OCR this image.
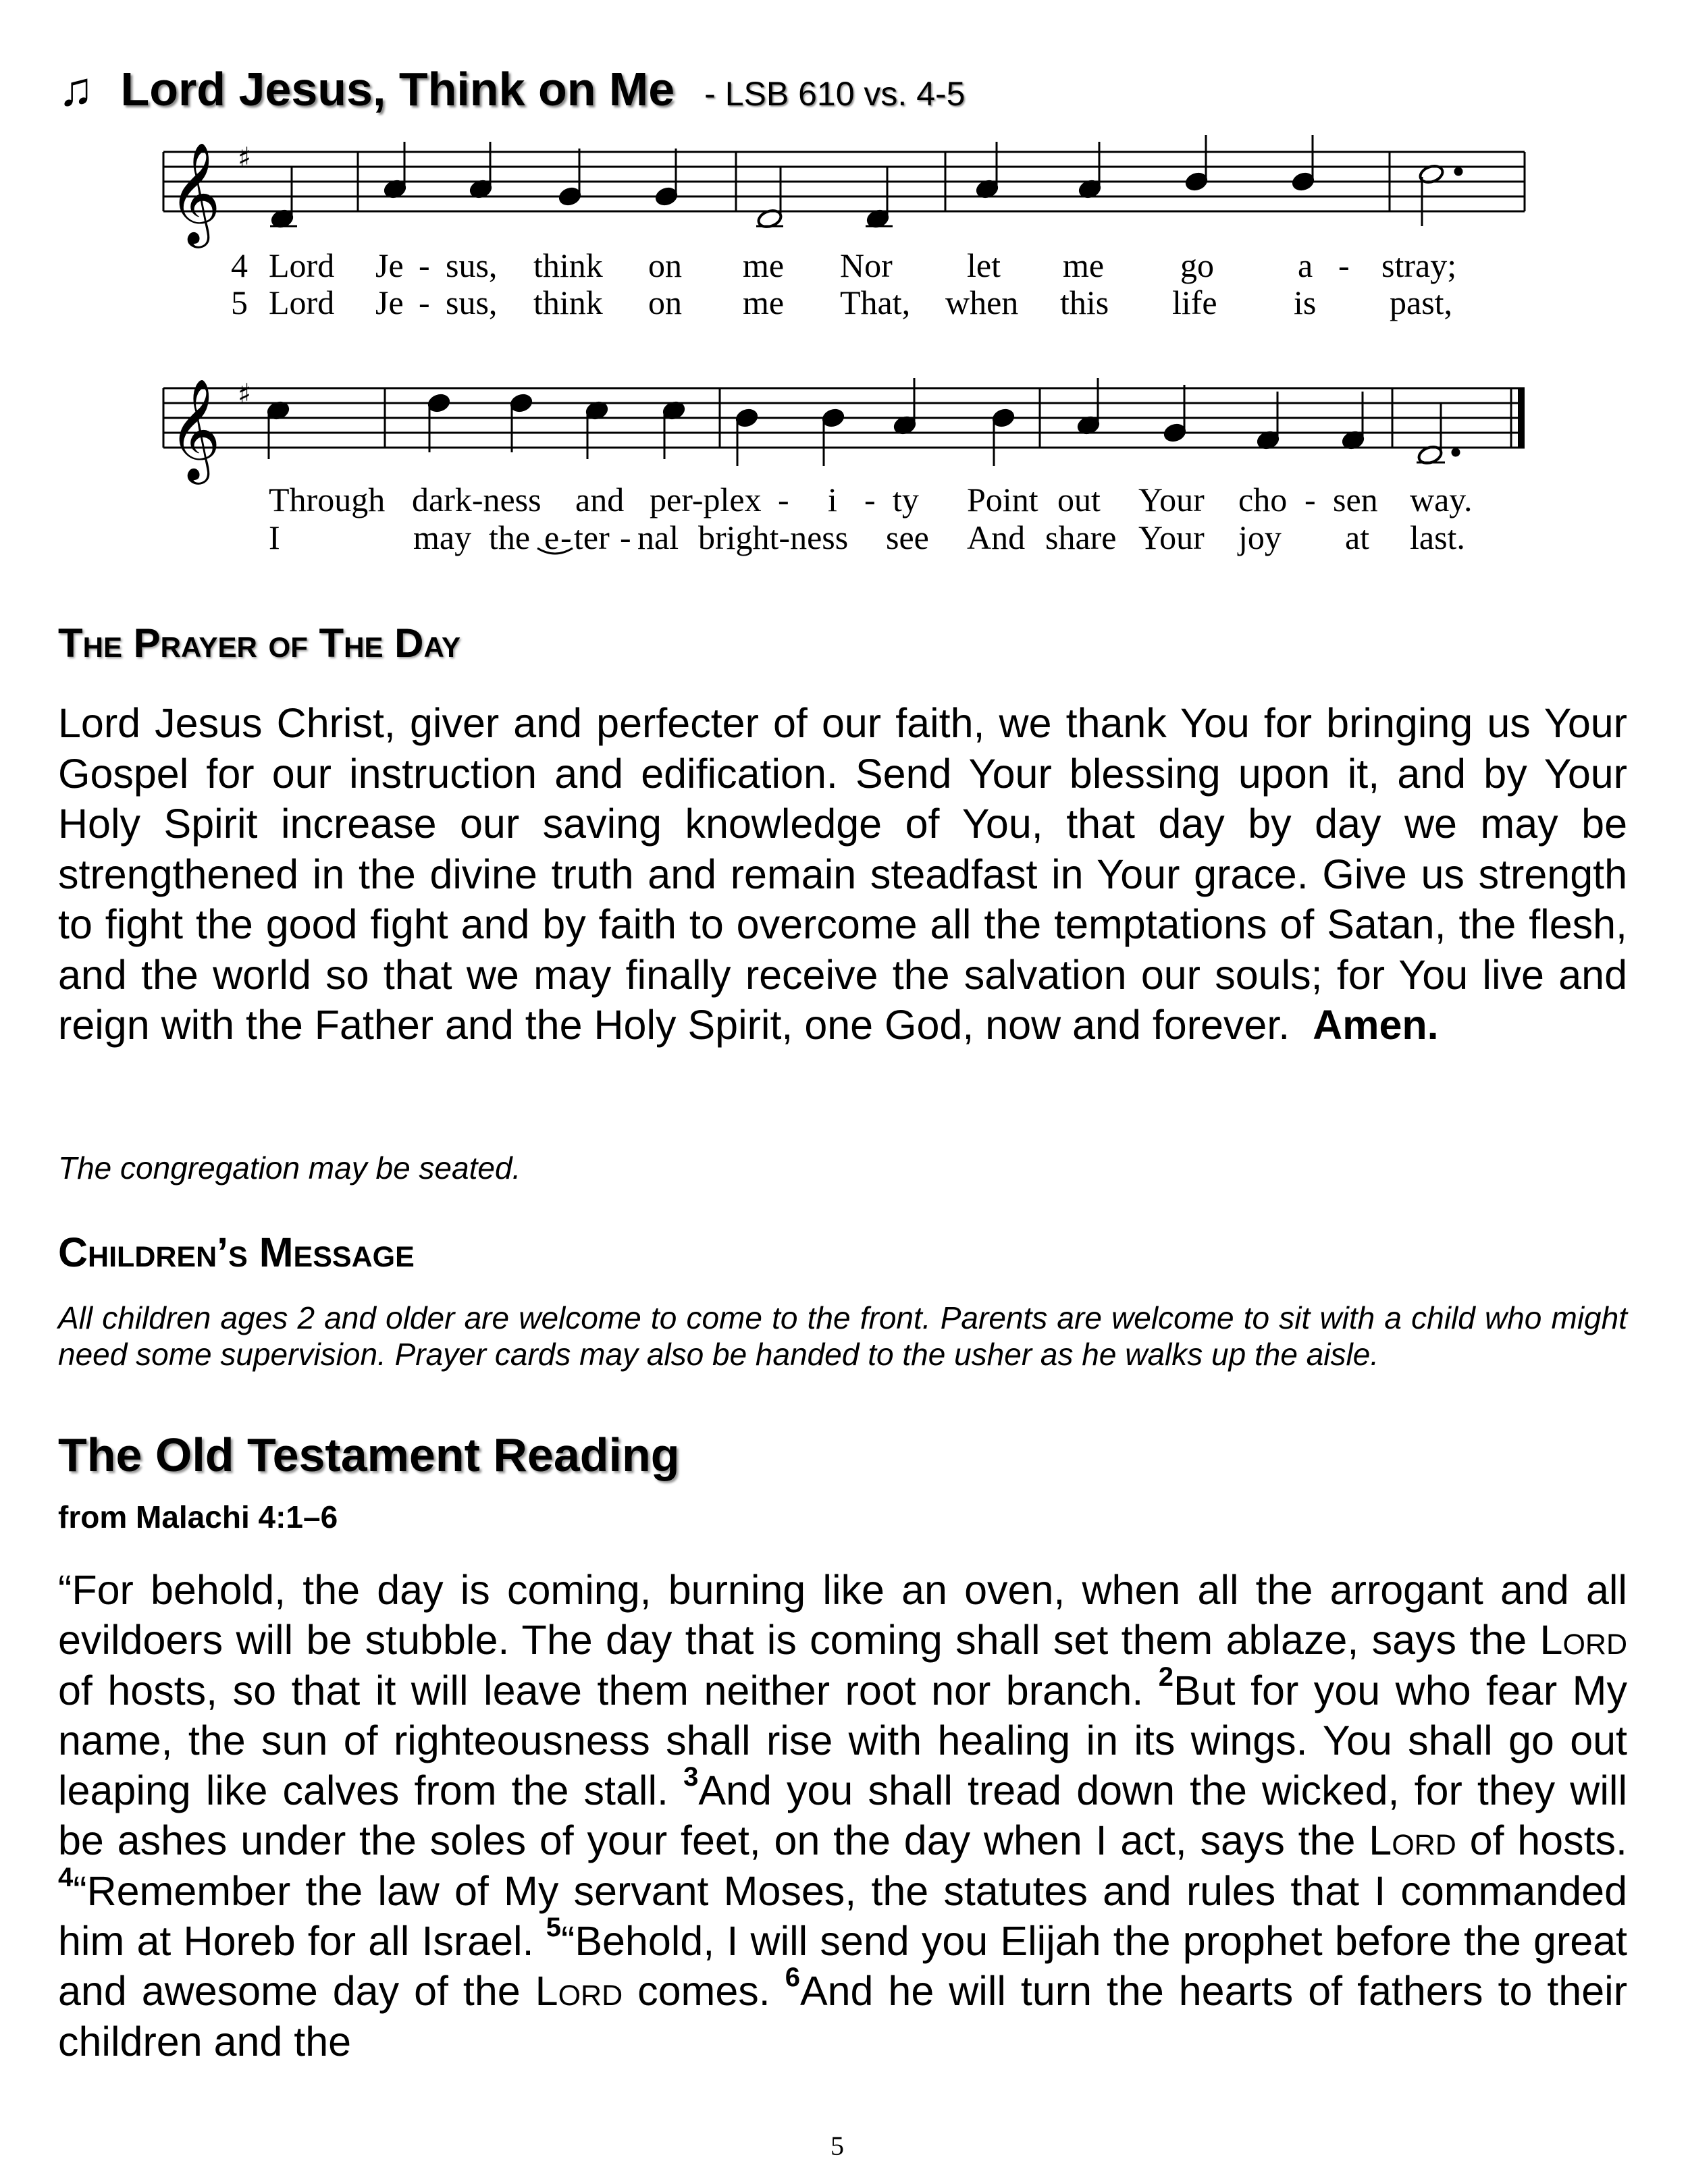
♫ Lord Jesus, Think on Me - LSB 610 vs. 4-5
𝄞 ♯
4 Lord Je - sus, think on me Nor let me go a - stray;
5 Lord Je - sus, think on me That, when this life is past,
𝄞 ♯
Through dark-ness and per-plex - i - ty Point out Your cho - sen way.
I	may the e - ter - nal bright-ness see And share Your joy at last.
The Prayer of The Day
Lord Jesus Christ, giver and perfecter of our faith, we thank You for bringing us Your Gospel for our instruction and edification. Send Your blessing upon it, and by Your Holy Spirit increase our saving knowledge of You, that day by day we may be strengthened in the divine truth and remain steadfast in Your grace. Give us strength to fight the good fight and by faith to overcome all the temptations of Satan, the flesh, and the world so that we may finally receive the salvation our souls; for You live and reign with the Father and the Holy Spirit, one God, now and forever. Amen.
The congregation may be seated.
Children’s Message
All children ages 2 and older are welcome to come to the front. Parents are welcome to sit with a child who might need some supervision. Prayer cards may also be handed to the usher as he walks up the aisle.
The Old Testament Reading
from Malachi 4:1–6
“For behold, the day is coming, burning like an oven, when all the arrogant and all evildoers will be stubble. The day that is coming shall set them ablaze, says the Lord of hosts, so that it will leave them neither root nor branch. $^2$But for you who fear My name, the sun of righteousness shall rise with healing in its wings. You shall go out leaping like calves from the stall. $^3$And you shall tread down the wicked, for they will be ashes under the soles of your feet, on the day when I act, says the Lord of hosts. $^4$“Remember the law of My servant Moses, the statutes and rules that I commanded him at Horeb for all Israel. $^5$“Behold, I will send you Elijah the prophet before the great and awesome day of the Lord comes. $^6$And he will turn the hearts of fathers to their children and the
5
